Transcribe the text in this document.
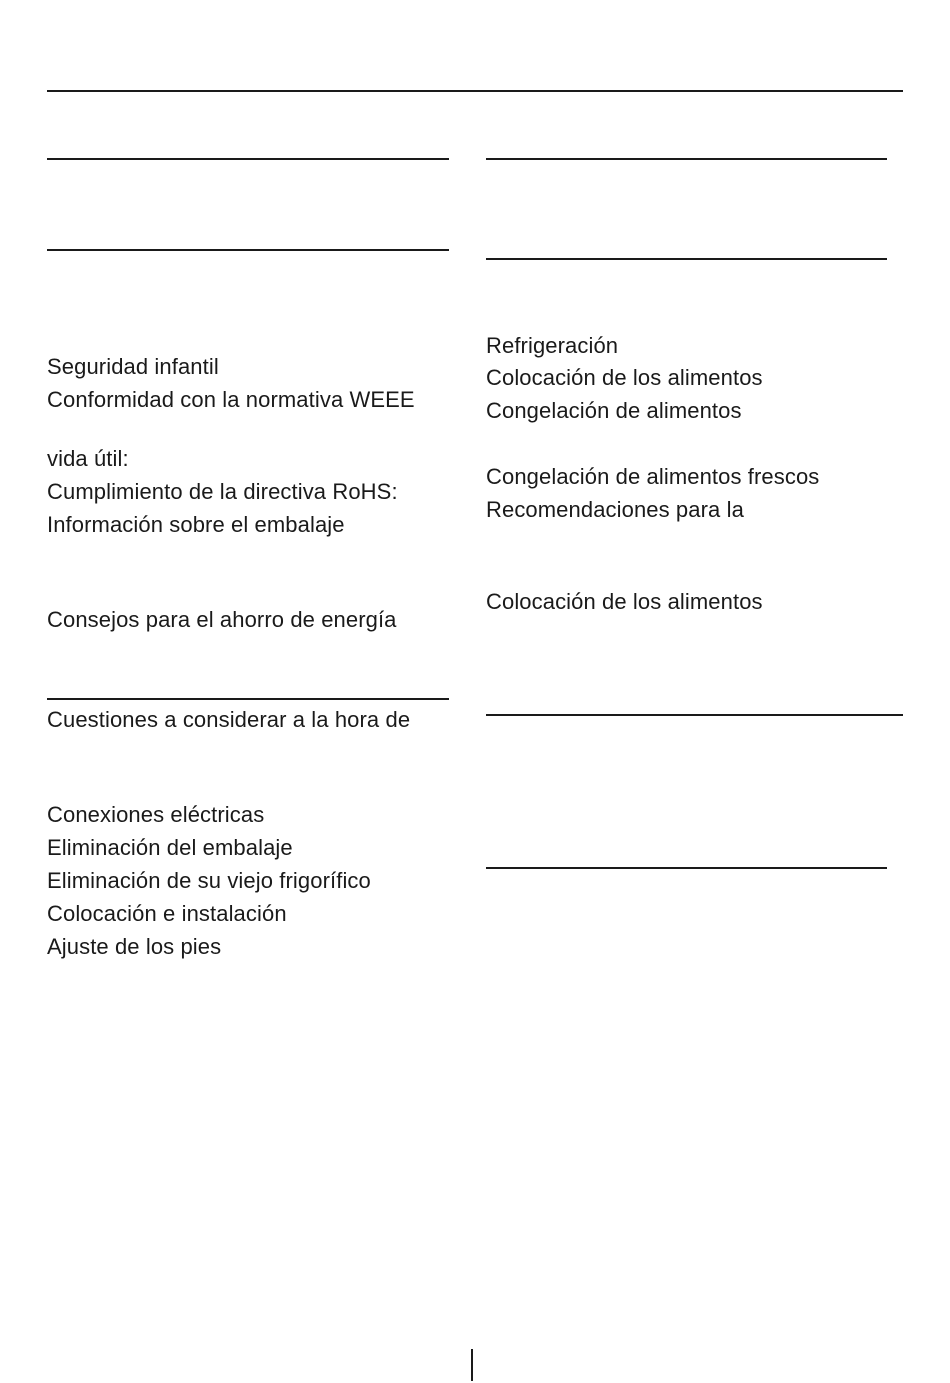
Seguridad infantil
Conformidad con la normativa WEEE
vida útil:
Cumplimiento de la directiva RoHS:
Información sobre el embalaje
Consejos para el ahorro de energía
Cuestiones a considerar a la hora de
Conexiones eléctricas
Eliminación del embalaje
Eliminación de su viejo frigorífico
Colocación e instalación
Ajuste de los pies
Refrigeración
Colocación de los alimentos
Congelación de alimentos
Congelación de alimentos frescos
Recomendaciones para la
Colocación de los alimentos
